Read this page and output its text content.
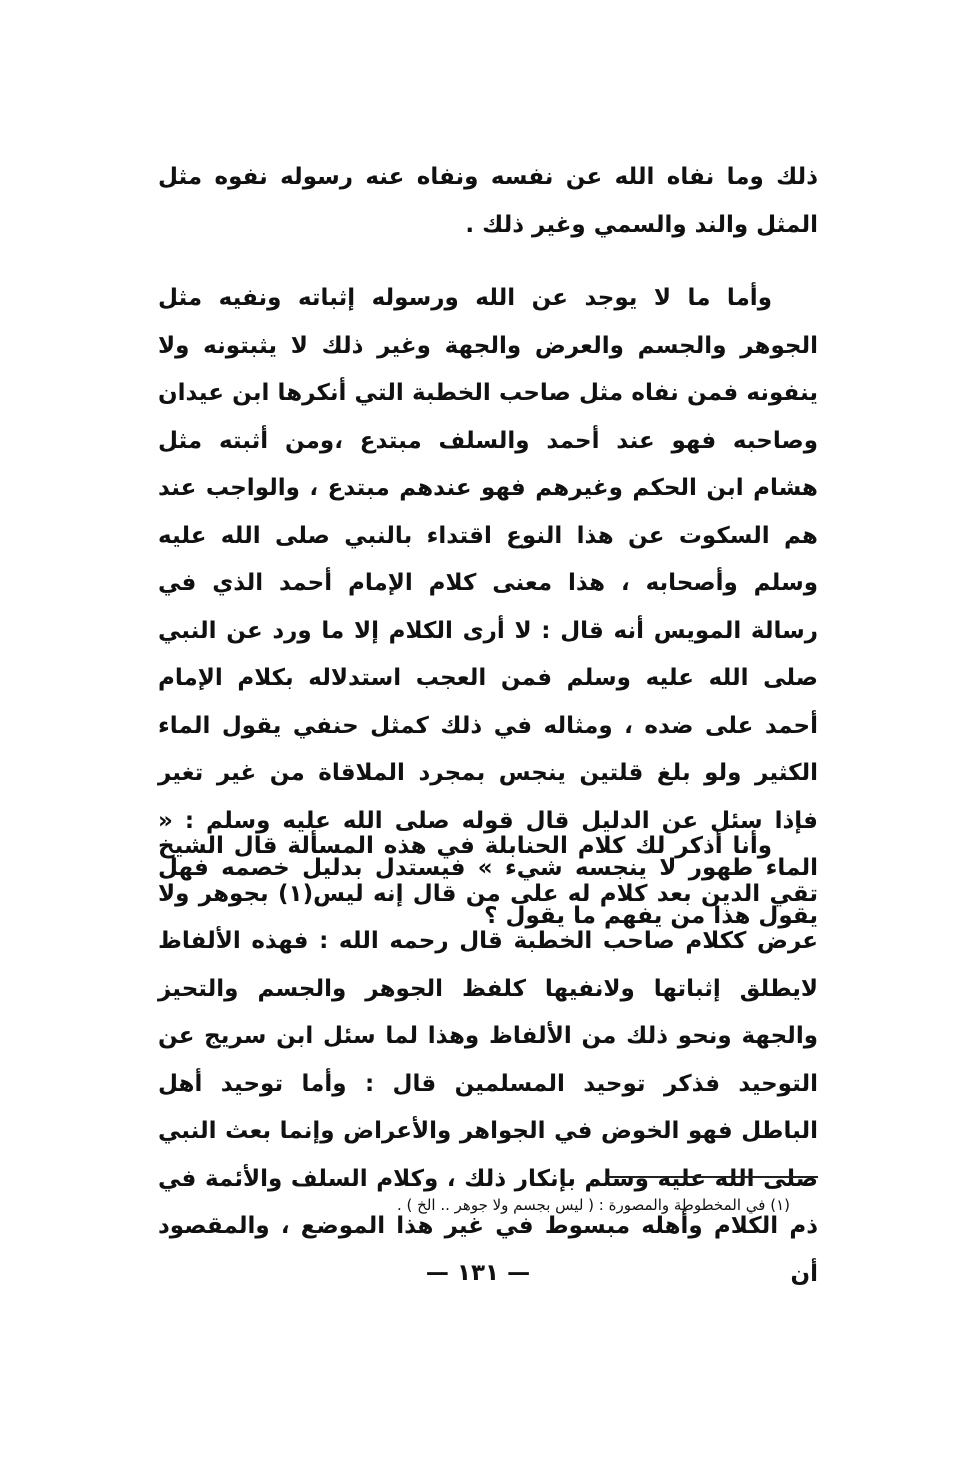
ذلك وما نفاه الله عن نفسه ونفاه عنه رسوله نفوه مثل المثل والند والسمي وغير ذلك .

وأما ما لا يوجد عن الله ورسوله إثباته ونفيه مثل الجوهر والجسم والعرض والجهة وغير ذلك لا يثبتونه ولا ينفونه فمن نفاه مثل صاحب الخطبة التي أنكرها ابن عيدان وصاحبه فهو عند أحمد والسلف مبتدع ،ومن أثبته مثل هشام ابن الحكم وغيرهم فهو عندهم مبتدع ، والواجب عند هم السكوت عن هذا النوع اقتداء بالنبي صلى الله عليه وسلم وأصحابه ، هذا معنى كلام الإمام أحمد الذي في رسالة المويس أنه قال : لا أرى الكلام إلا ما ورد عن النبي صلى الله عليه وسلم فمن العجب استدلاله بكلام الإمام أحمد على ضده ، ومثاله في ذلك كمثل حنفي يقول الماء الكثير ولو بلغ قلتين ينجس بمجرد الملاقاة من غير تغير فإذا سئل عن الدليل قال قوله صلى الله عليه وسلم : « الماء طهور لا ينجسه شيء » فيستدل بدليل خصمه فهل يقول هذا من يفهم ما يقول ؟

وأنا أذكر لك كلام الحنابلة في هذه المسألة قال الشيخ تقي الدين بعد كلام له على من قال إنه ليس(١) بجوهر ولا عرض ككلام صاحب الخطبة قال رحمه الله : فهذه الألفاظ لايطلق إثباتها ولانفيها كلفظ الجوهر والجسم والتحيز والجهة ونحو ذلك من الألفاظ وهذا لما سئل ابن سريج عن التوحيد فذكر توحيد المسلمين قال : وأما توحيد أهل الباطل فهو الخوض في الجواهر والأعراض وإنما بعث النبي صلى الله عليه وسلم بإنكار ذلك ، وكلام السلف والأئمة في ذم الكلام وأهله مبسوط في غير هذا الموضع ، والمقصود أن

(١) في المخطوطة والمصورة : ( ليس بجسم ولا جوهر .. الخ ) .

— ١٣١ —
